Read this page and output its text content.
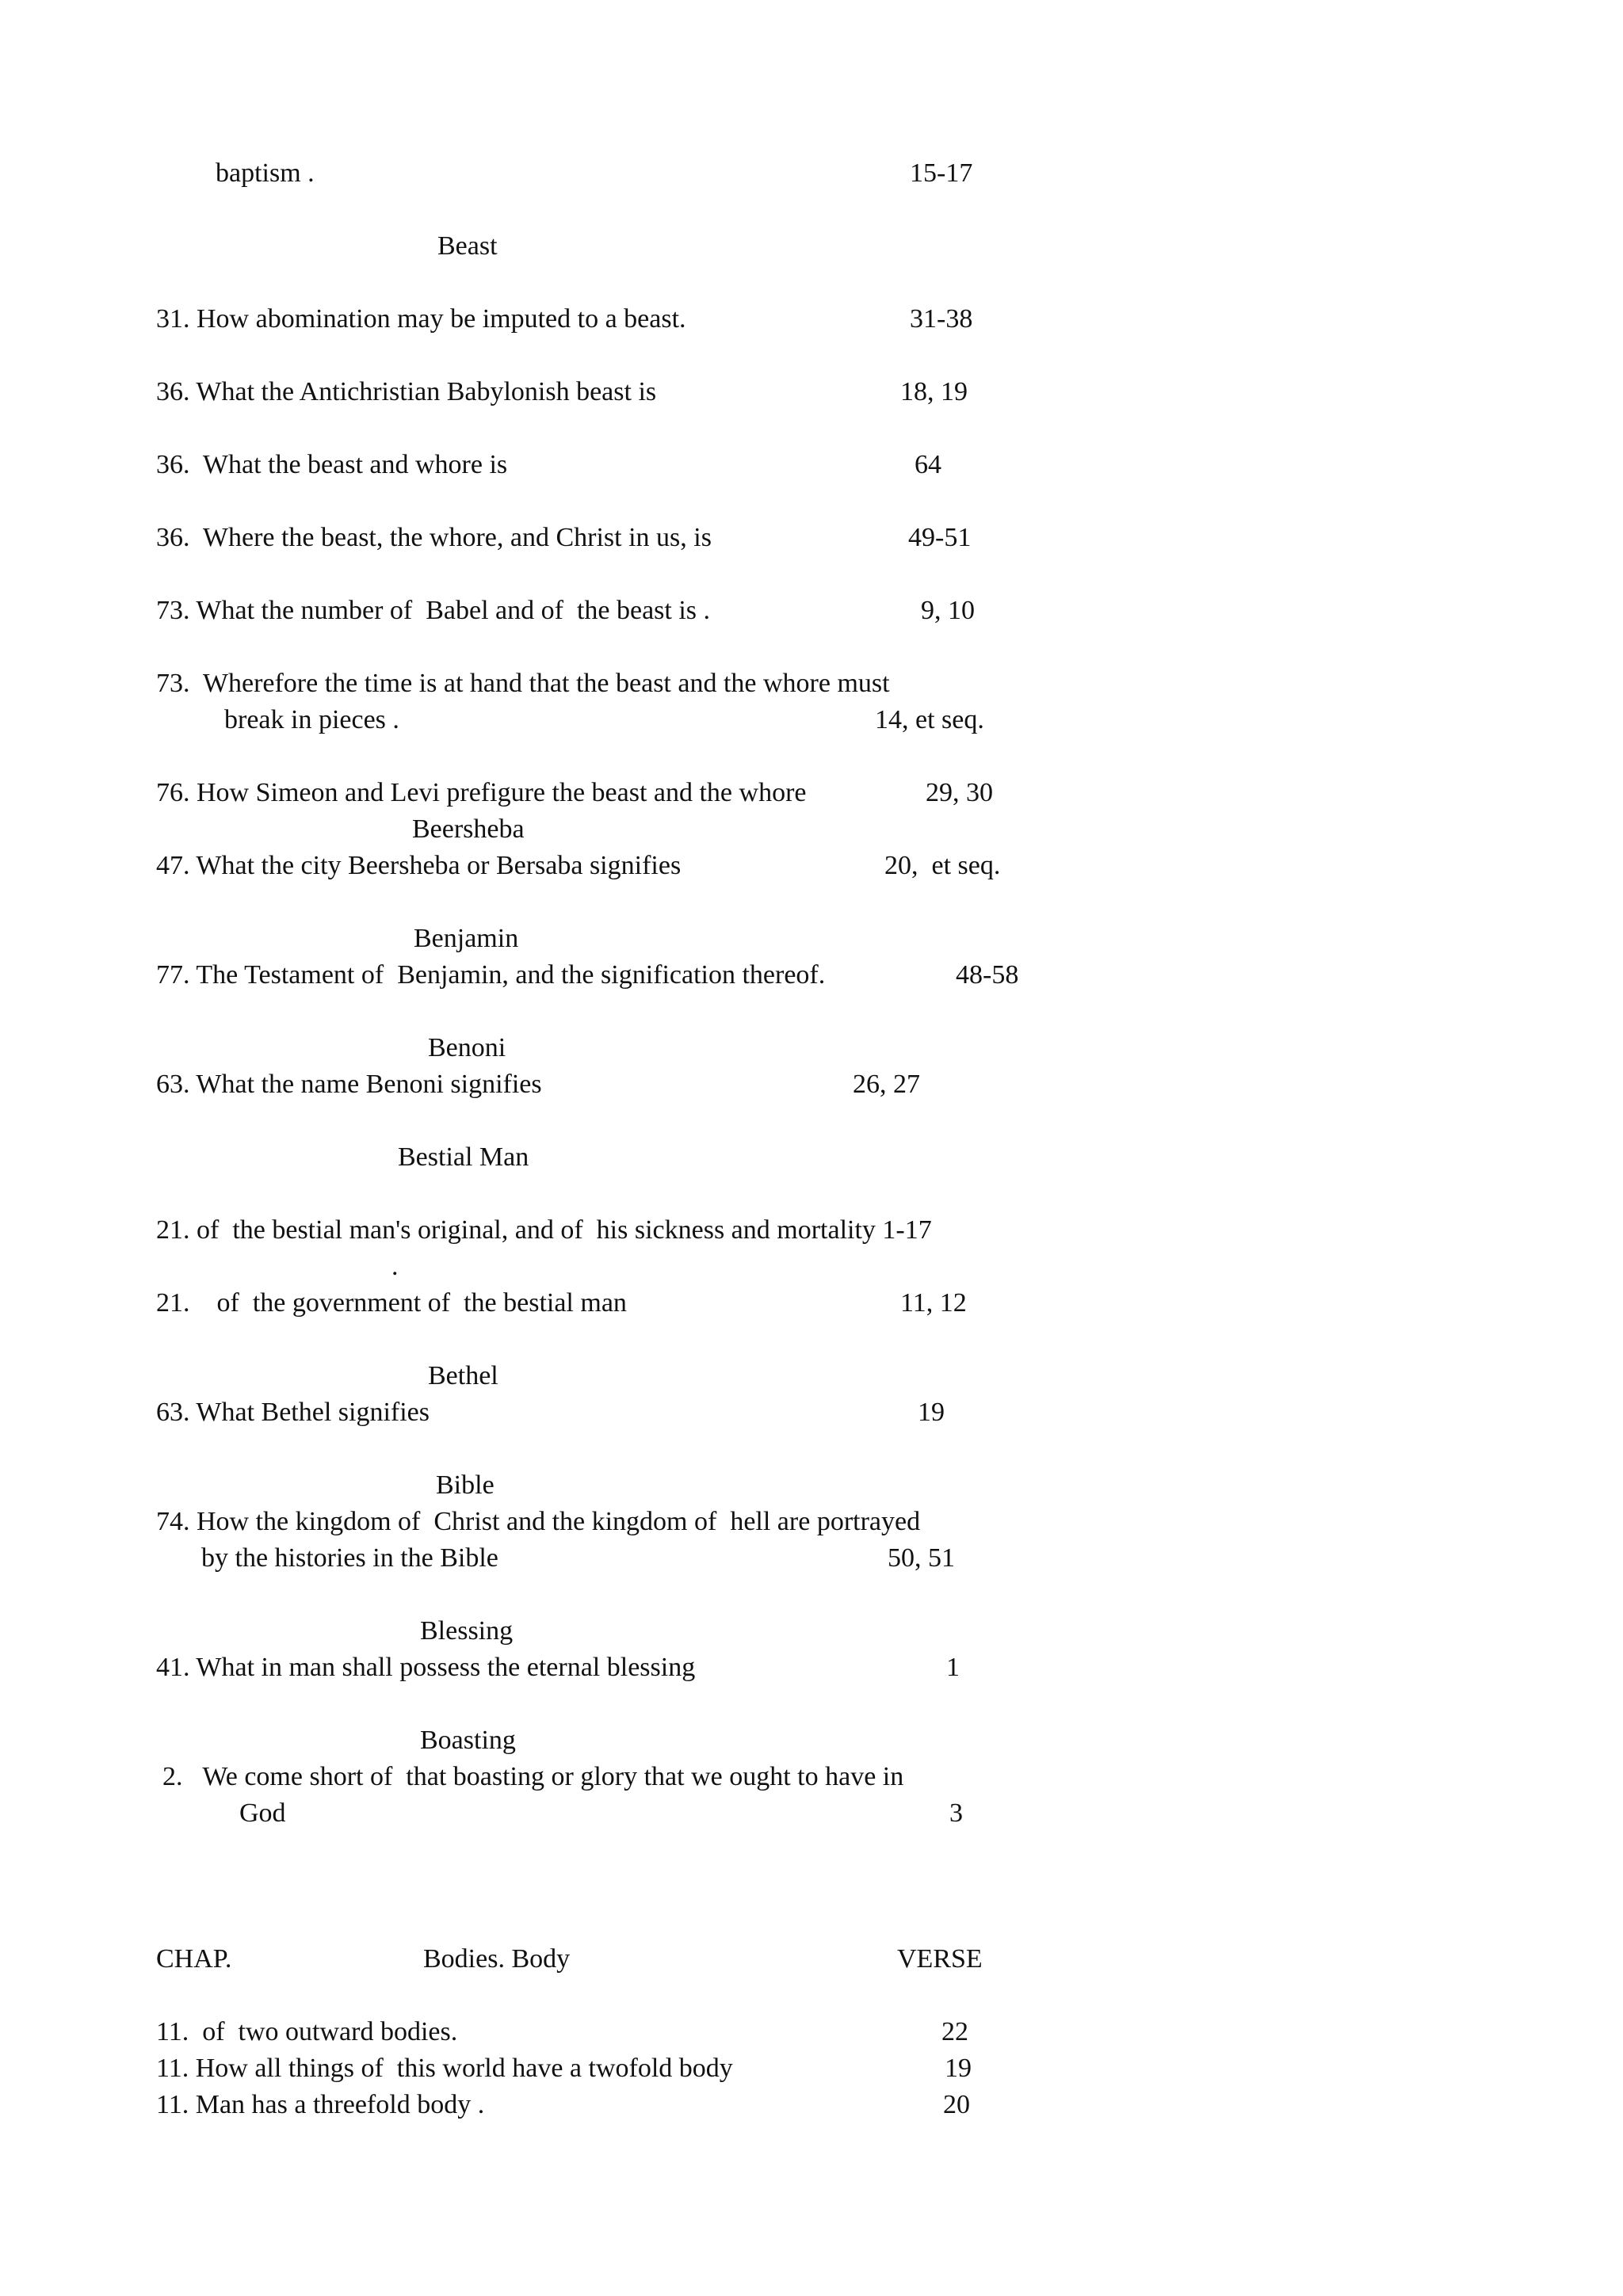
baptism .	15-17
Beast
31. How abomination may be imputed to a beast.	31-38
36. What the Antichristian Babylonish beast is	18, 19
36.  What the beast and whore is	64
36.  Where the beast, the whore, and Christ in us, is	49-51
73. What the number of  Babel and of  the beast is .	9, 10
73.  Wherefore the time is at hand that the beast and the whore must
break in pieces .	14, et seq.
76. How Simeon and Levi prefigure the beast and the whore	29, 30
Beersheba
47. What the city Beersheba or Bersaba signifies	20,  et seq.
Benjamin
77. The Testament of  Benjamin, and the signification thereof.	48-58
Benoni
63. What the name Benoni signifies	26, 27
Bestial Man
21. of  the bestial man's original, and of  his sickness and mortality 1-17
.
21.    of  the government of  the bestial man	11, 12
Bethel
63. What Bethel signifies	19
Bible
74. How the kingdom of  Christ and the kingdom of  hell are portrayed
by the histories in the Bible	50, 51
Blessing
41. What in man shall possess the eternal blessing	1
Boasting
2.   We come short of  that boasting or glory that we ought to have in
God	3
CHAP.	Bodies. Body	VERSE
11.  of  two outward bodies.	22
11. How all things of  this world have a twofold body	19
11. Man has a threefold body .	20
